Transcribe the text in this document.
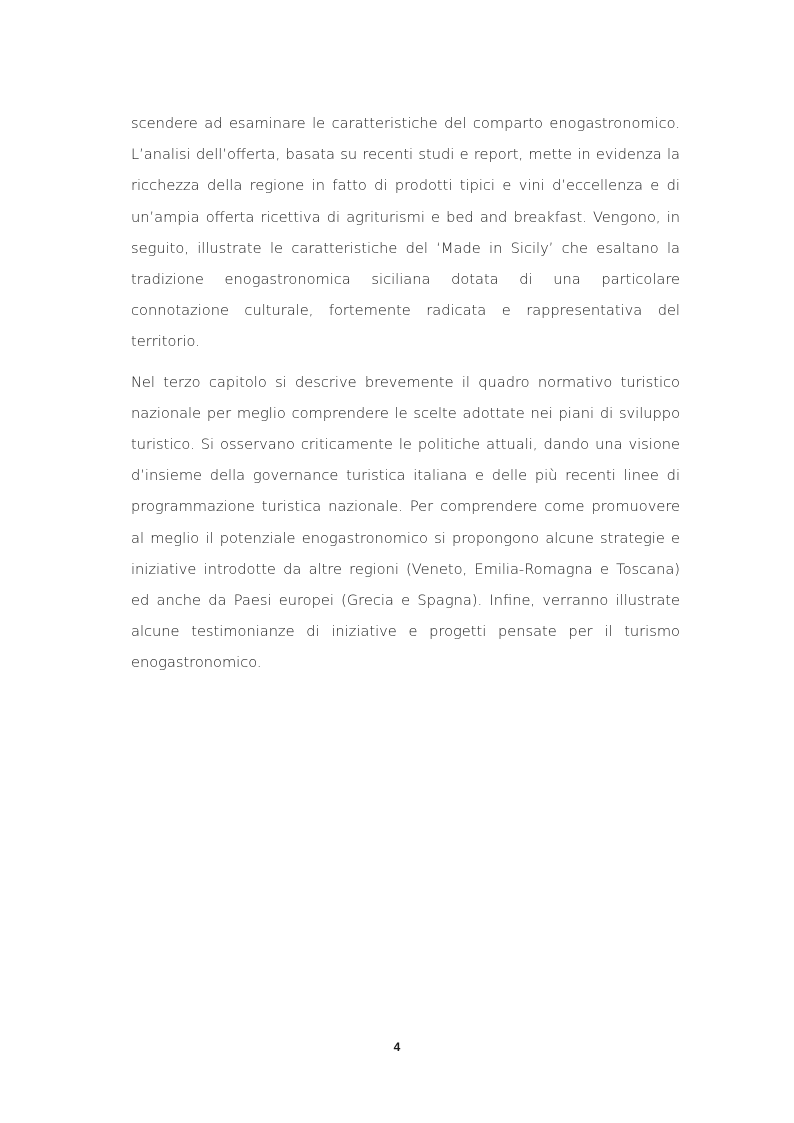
scendere ad esaminare le caratteristiche del comparto enogastronomico. L’analisi dell’offerta, basata su recenti studi e report, mette in evidenza la ricchezza della regione in fatto di prodotti tipici e vini d’eccellenza e di un’ampia offerta ricettiva di agriturismi e bed and breakfast. Vengono, in seguito, illustrate le caratteristiche del ‘Made in Sicily’ che esaltano la tradizione enogastronomica siciliana dotata di una particolare connotazione culturale, fortemente radicata e rappresentativa del territorio.

Nel terzo capitolo si descrive brevemente il quadro normativo turistico nazionale per meglio comprendere le scelte adottate nei piani di sviluppo turistico. Si osservano criticamente le politiche attuali, dando una visione d’insieme della governance turistica italiana e delle più recenti linee di programmazione turistica nazionale. Per comprendere come promuovere al meglio il potenziale enogastronomico si propongono alcune strategie e iniziative introdotte da altre regioni (Veneto, Emilia-Romagna e Toscana) ed anche da Paesi europei (Grecia e Spagna). Infine, verranno illustrate alcune testimonianze di iniziative e progetti pensate per il turismo enogastronomico.

4
